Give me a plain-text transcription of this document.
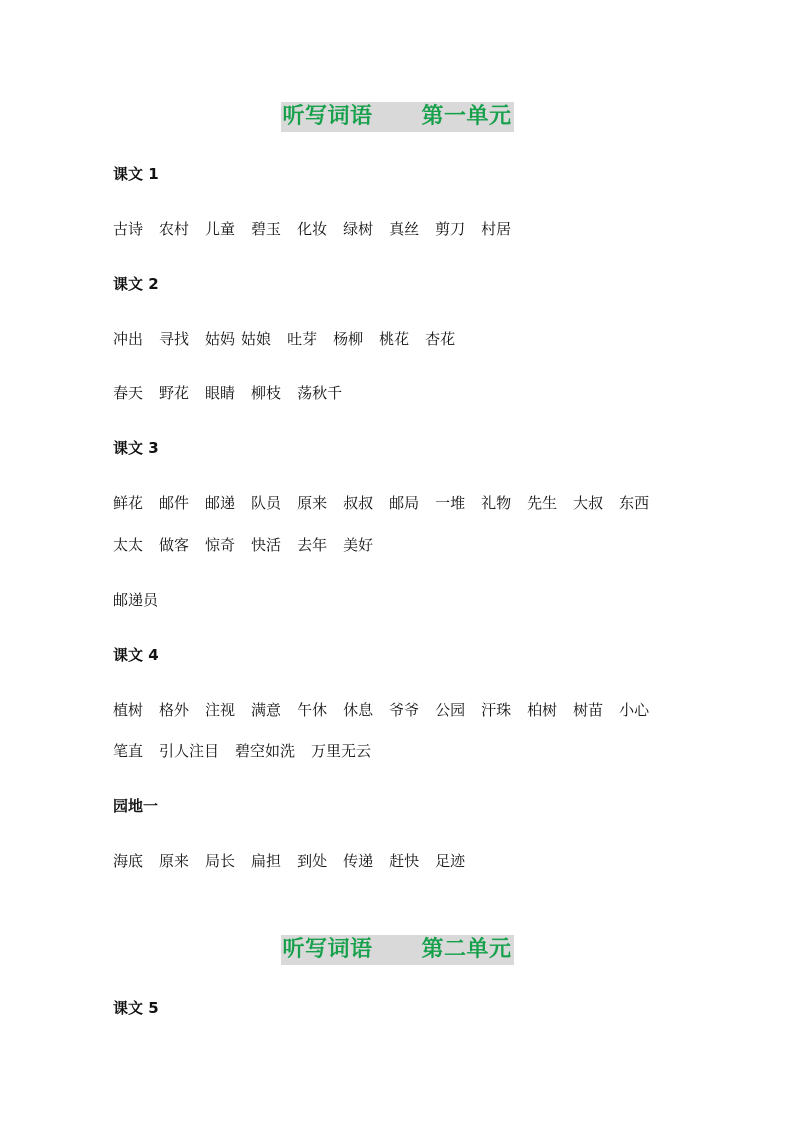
听写词语 第一单元
课文 1
古诗 农村 儿童 碧玉 化妆 绿树 真丝 剪刀 村居
课文 2
冲出 寻找 姑妈 姑娘 吐芽 杨柳 桃花 杏花
春天 野花 眼睛 柳枝 荡秋千
课文 3
鲜花 邮件 邮递 队员 原来 叔叔 邮局 一堆 礼物 先生 大叔 东西
太太 做客 惊奇 快活 去年 美好
邮递员
课文 4
植树 格外 注视 满意 午休 休息 爷爷 公园 汗珠 柏树 树苗 小心
笔直 引人注目 碧空如洗 万里无云
园地一
海底 原来 局长 扁担 到处 传递 赶快 足迹
听写词语 第二单元
课文 5
